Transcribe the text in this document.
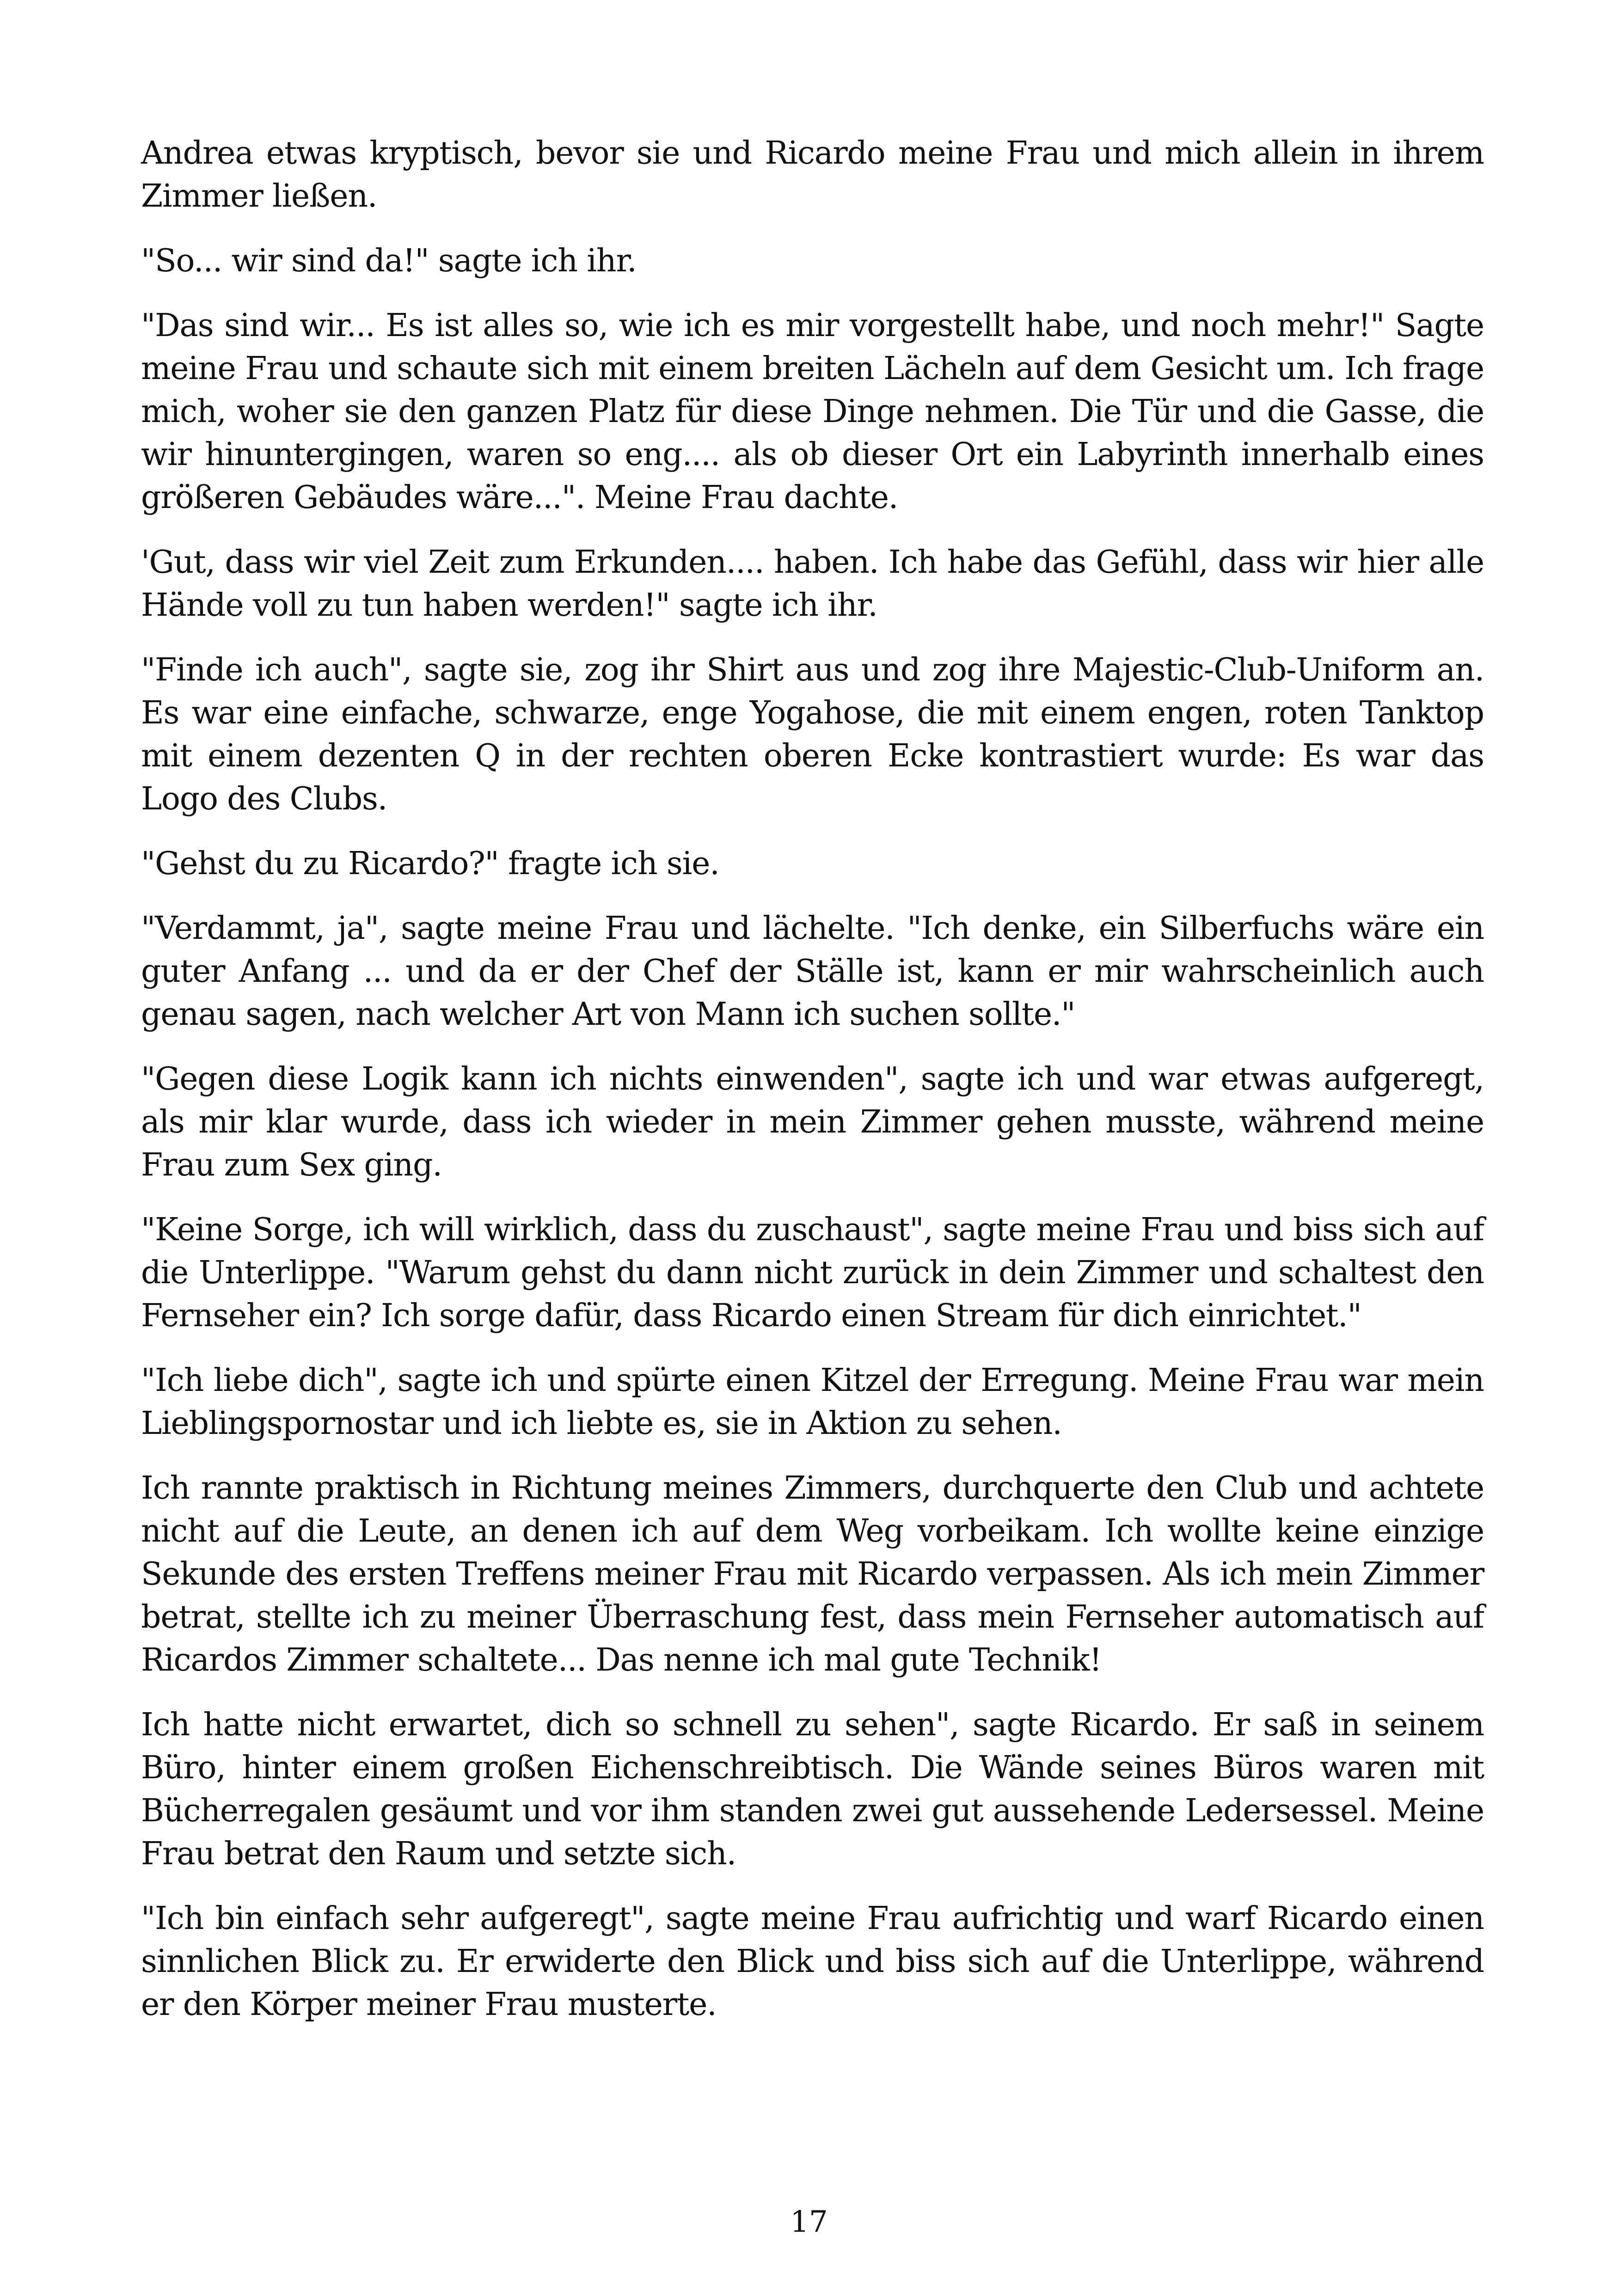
Andrea etwas kryptisch, bevor sie und Ricardo meine Frau und mich allein in ihrem Zimmer ließen.

"So... wir sind da!" sagte ich ihr.

"Das sind wir... Es ist alles so, wie ich es mir vorgestellt habe, und noch mehr!" Sagte meine Frau und schaute sich mit einem breiten Lächeln auf dem Gesicht um. Ich frage mich, woher sie den ganzen Platz für diese Dinge nehmen. Die Tür und die Gasse, die wir hinuntergingen, waren so eng.... als ob dieser Ort ein Labyrinth innerhalb eines größeren Gebäudes wäre...". Meine Frau dachte.

'Gut, dass wir viel Zeit zum Erkunden.... haben. Ich habe das Gefühl, dass wir hier alle Hände voll zu tun haben werden!" sagte ich ihr.

"Finde ich auch", sagte sie, zog ihr Shirt aus und zog ihre Majestic-Club-Uniform an. Es war eine einfache, schwarze, enge Yogahose, die mit einem engen, roten Tanktop mit einem dezenten Q in der rechten oberen Ecke kontrastiert wurde: Es war das Logo des Clubs.

"Gehst du zu Ricardo?" fragte ich sie.

"Verdammt, ja", sagte meine Frau und lächelte. "Ich denke, ein Silberfuchs wäre ein guter Anfang ... und da er der Chef der Ställe ist, kann er mir wahrscheinlich auch genau sagen, nach welcher Art von Mann ich suchen sollte."

"Gegen diese Logik kann ich nichts einwenden", sagte ich und war etwas aufgeregt, als mir klar wurde, dass ich wieder in mein Zimmer gehen musste, während meine Frau zum Sex ging.

"Keine Sorge, ich will wirklich, dass du zuschaust", sagte meine Frau und biss sich auf die Unterlippe. "Warum gehst du dann nicht zurück in dein Zimmer und schaltest den Fernseher ein? Ich sorge dafür, dass Ricardo einen Stream für dich einrichtet."

"Ich liebe dich", sagte ich und spürte einen Kitzel der Erregung. Meine Frau war mein Lieblingspornostar und ich liebte es, sie in Aktion zu sehen.

Ich rannte praktisch in Richtung meines Zimmers, durchquerte den Club und achtete nicht auf die Leute, an denen ich auf dem Weg vorbeikam. Ich wollte keine einzige Sekunde des ersten Treffens meiner Frau mit Ricardo verpassen. Als ich mein Zimmer betrat, stellte ich zu meiner Überraschung fest, dass mein Fernseher automatisch auf Ricardos Zimmer schaltete... Das nenne ich mal gute Technik!

Ich hatte nicht erwartet, dich so schnell zu sehen", sagte Ricardo. Er saß in seinem Büro, hinter einem großen Eichenschreibtisch. Die Wände seines Büros waren mit Bücherregalen gesäumt und vor ihm standen zwei gut aussehende Ledersessel. Meine Frau betrat den Raum und setzte sich.

"Ich bin einfach sehr aufgeregt", sagte meine Frau aufrichtig und warf Ricardo einen sinnlichen Blick zu. Er erwiderte den Blick und biss sich auf die Unterlippe, während er den Körper meiner Frau musterte.

17
